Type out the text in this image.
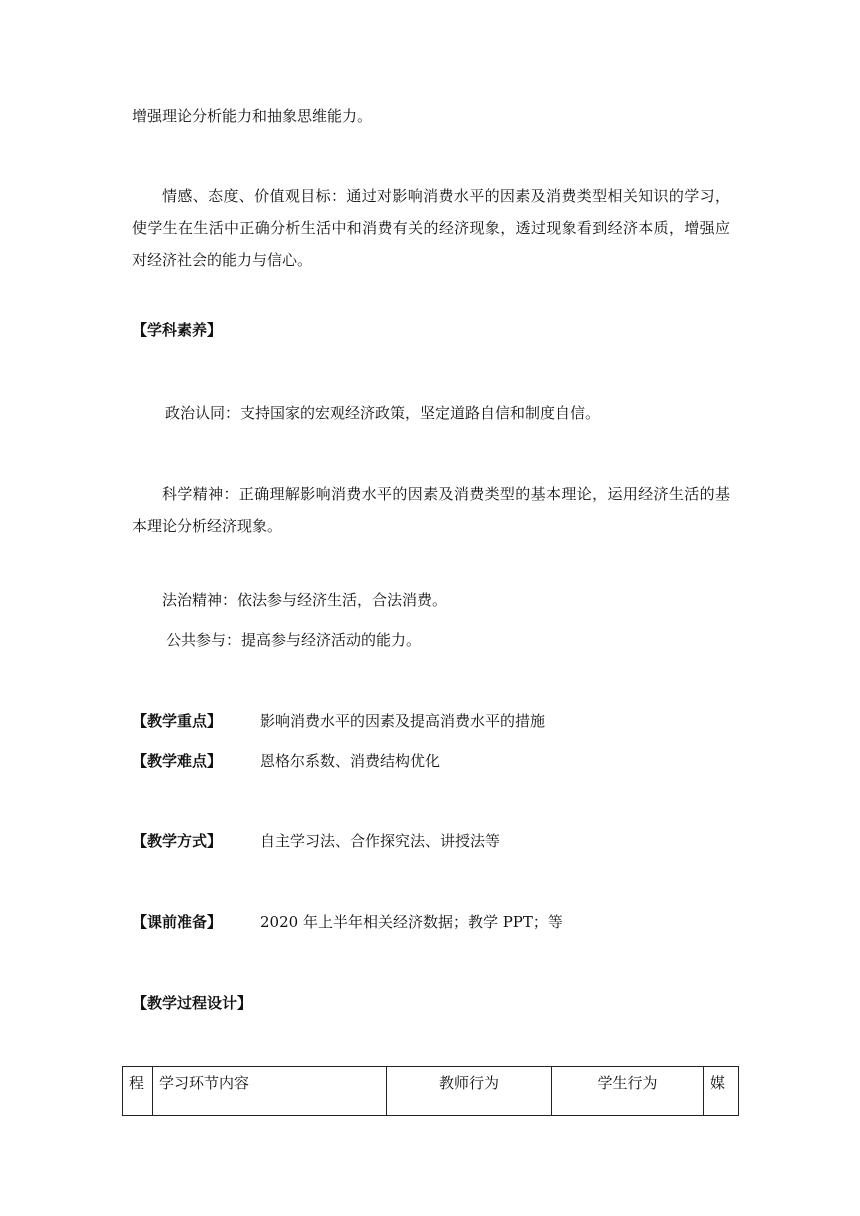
增强理论分析能力和抽象思维能力。
情感、态度、价值观目标：通过对影响消费水平的因素及消费类型相关知识的学习，使学生在生活中正确分析生活中和消费有关的经济现象，透过现象看到经济本质，增强应对经济社会的能力与信心。
【学科素养】
政治认同：支持国家的宏观经济政策，坚定道路自信和制度自信。
科学精神：正确理解影响消费水平的因素及消费类型的基本理论，运用经济生活的基本理论分析经济现象。
法治精神：依法参与经济生活，合法消费。
公共参与：提高参与经济活动的能力。
【教学重点】	影响消费水平的因素及提高消费水平的措施
【教学难点】	恩格尔系数、消费结构优化
【教学方式】	自主学习法、合作探究法、讲授法等
【课前准备】	2020 年上半年相关经济数据；教学 PPT；等
【教学过程设计】
程	学习环节内容	教师行为	学生行为	媒
